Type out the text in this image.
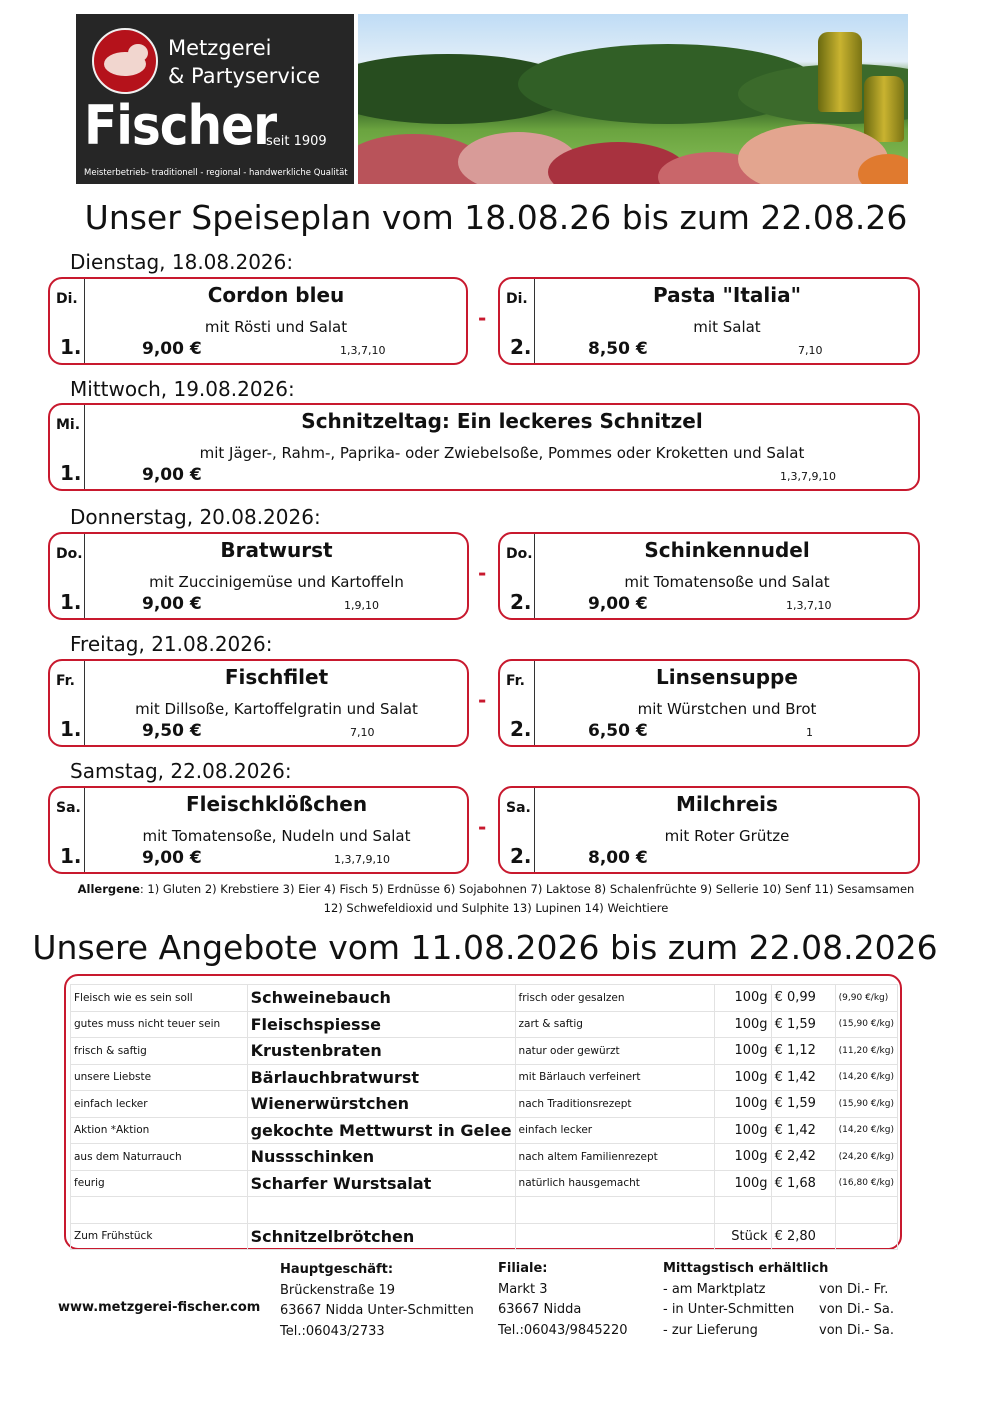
Metzgerei
& Partyservice
Fischer
seit 1909
Meisterbetrieb- traditionell - regional - handwerkliche Qualität
Unser Speiseplan vom 18.08.26 bis zum 22.08.26
Dienstag, 18.08.2026:
Di.
1.
Cordon bleu
mit Rösti und Salat
9,00 €	1,3,7,10
-
Di.
2.
Pasta "Italia"
mit Salat
8,50 €	7,10
Mittwoch, 19.08.2026:
Mi.
1.
Schnitzeltag: Ein leckeres Schnitzel
mit Jäger-, Rahm-, Paprika- oder Zwiebelsoße, Pommes oder Kroketten und Salat
9,00 €	1,3,7,9,10
Donnerstag, 20.08.2026:
Do.
1.
Bratwurst
mit Zuccinigemüse und Kartoffeln
9,00 €	1,9,10
-
Do.
2.
Schinkennudel
mit Tomatensoße und Salat
9,00 €	1,3,7,10
Freitag, 21.08.2026:
Fr.
1.
Fischfilet
mit Dillsoße, Kartoffelgratin und Salat
9,50 €	7,10
-
Fr.
2.
Linsensuppe
mit Würstchen und Brot
6,50 €	1
Samstag, 22.08.2026:
Sa.
1.
Fleischklößchen
mit Tomatensoße, Nudeln und Salat
9,00 €	1,3,7,9,10
-
Sa.
2.
Milchreis
mit Roter Grütze
8,00 €
Allergene: 1) Gluten 2) Krebstiere 3) Eier 4) Fisch 5) Erdnüsse 6) Sojabohnen 7) Laktose 8) Schalenfrüchte 9) Sellerie 10) Senf 11) Sesamsamen
12) Schwefeldioxid und Sulphite 13) Lupinen 14) Weichtiere
Unsere Angebote vom 11.08.2026 bis zum 22.08.2026
Fleisch wie es sein soll	Schweinebauch	frisch oder gesalzen	100g	€ 0,99	(9,90 €/kg)
gutes muss nicht teuer sein	Fleischspiesse	zart & saftig	100g	€ 1,59	(15,90 €/kg)
frisch & saftig	Krustenbraten	natur oder gewürzt	100g	€ 1,12	(11,20 €/kg)
unsere Liebste	Bärlauchbratwurst	mit Bärlauch verfeinert	100g	€ 1,42	(14,20 €/kg)
einfach lecker	Wienerwürstchen	nach Traditionsrezept	100g	€ 1,59	(15,90 €/kg)
Aktion *Aktion	gekochte Mettwurst in Gelee	einfach lecker	100g	€ 1,42	(14,20 €/kg)
aus dem Naturrauch	Nussschinken	nach altem Familienrezept	100g	€ 2,42	(24,20 €/kg)
feurig	Scharfer Wurstsalat	natürlich hausgemacht	100g	€ 1,68	(16,80 €/kg)

Zum Frühstück	Schnitzelbrötchen		Stück	€ 2,80	
www.metzgerei-fischer.com
Hauptgeschäft:
Brückenstraße 19
63667 Nidda Unter-Schmitten
Tel.:06043/2733
Filiale:
Markt 3
63667 Nidda
Tel.:06043/9845220
Mittagstisch erhältlich
- am Marktplatz	von Di.- Fr.
- in Unter-Schmitten von Di.- Sa.
- zur Lieferung	von Di.- Sa.
